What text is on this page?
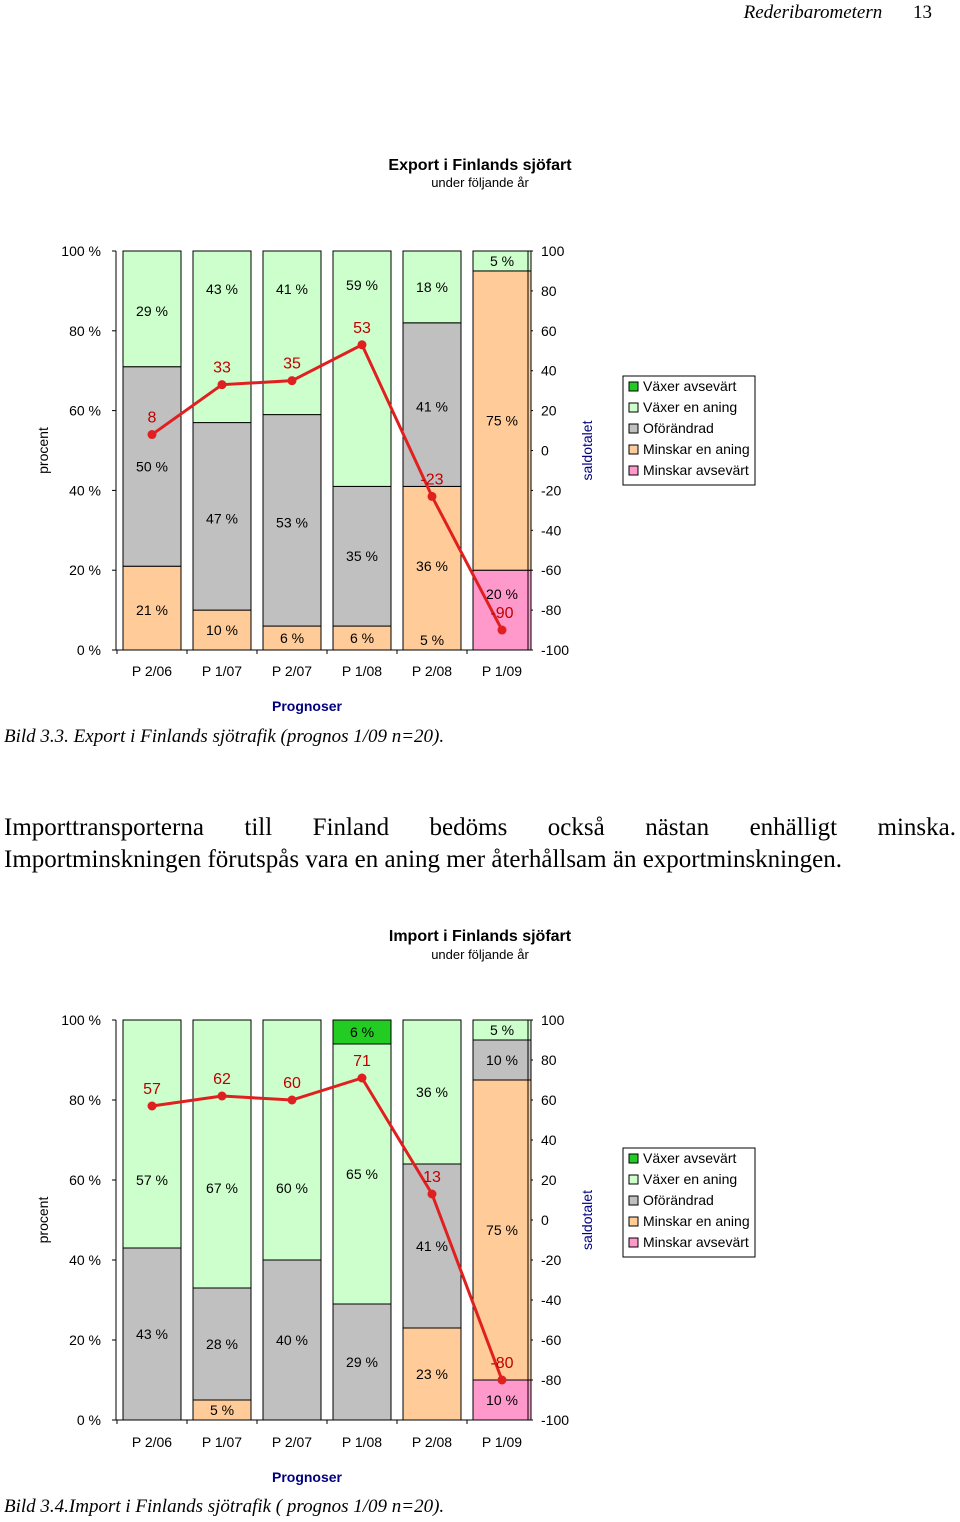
Rederibarometern 13
Export i Finlands sjöfart
under följande år
0 %
20 %
40 %
60 %
80 %
100 %
-100
-80
-60
-40
-20
0
20
40
60
80
100
procent	saldotalet
P 2/06 P 1/07 P 2/07 P 1/08 P 2/08 P 1/09
21 %
50 %
29 %
10 %
47 %
43 %
6 %
53 %
41 %
6 %
35 %
59 %
5 %
36 %
41 %
18 %
20 %
75 %
5 %
8
33	35
53
-23
-90
Prognoser
Växer avsevärt
Växer en aning
Oförändrad
Minskar en aning
Minskar avsevärt
Bild 3.3. Export i Finlands sjötrafik (prognos 1/09 n=20).
Importtransporterna till Finland bedöms också nästan enhälligt minska.
Importminskningen förutspås vara en aning mer återhållsam än exportminskningen.
Import i Finlands sjöfart
under följande år
0 %
20 %
40 %
60 %
80 %
100 %
-100
-80
-60
-40
-20
0
20
40
60
80
100
procent	saldotalet
P 2/06 P 1/07 P 2/07 P 1/08 P 2/08 P 1/09
43 %
57 %
5 %
28 %
67 %
40 %
60 %
29 %
65 %
6 %
23 %
41 %
36 %
10 %
75 %
10 %
5 %
57
62	60
71
13
-80
Prognoser
Växer avsevärt
Växer en aning
Oförändrad
Minskar en aning
Minskar avsevärt
Bild 3.4.Import i Finlands sjötrafik ( prognos 1/09 n=20).
